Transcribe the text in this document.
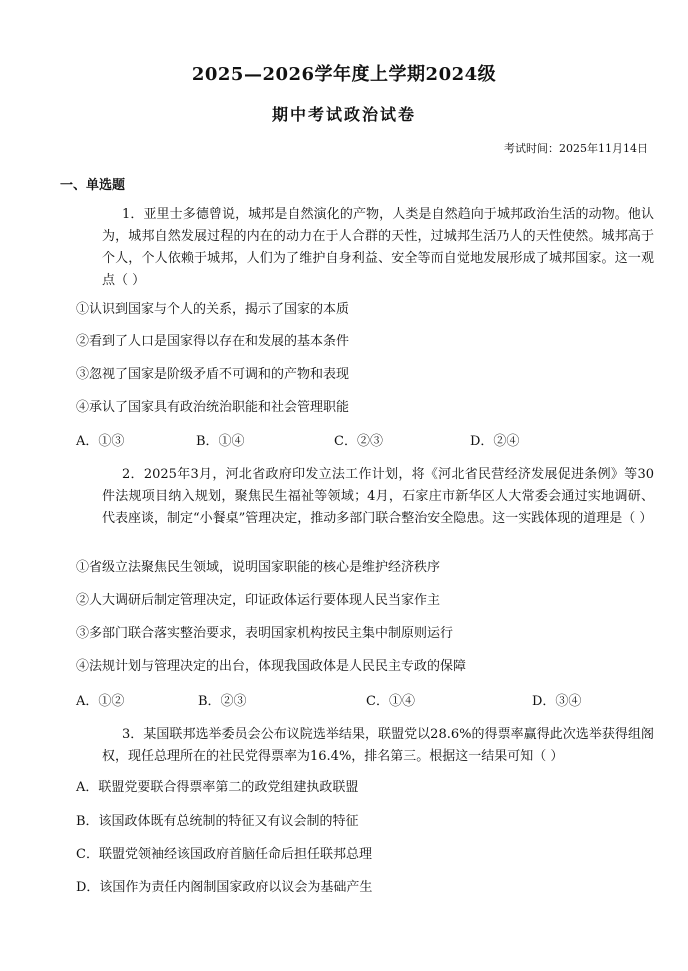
2025—2026学年度上学期2024级
期中考试政治试卷
考试时间：2025年11月14日
一、单选题
1．亚里士多德曾说，城邦是自然演化的产物，人类是自然趋向于城邦政治生活的动物。他认为，城邦自然发展过程的内在的动力在于人合群的天性，过城邦生活乃人的天性使然。城邦高于个人，个人依赖于城邦，人们为了维护自身利益、安全等而自觉地发展形成了城邦国家。这一观点（ ）
①认识到国家与个人的关系，揭示了国家的本质
②看到了人口是国家得以存在和发展的基本条件
③忽视了国家是阶级矛盾不可调和的产物和表现
④承认了国家具有政治统治职能和社会管理职能
A．①③	B．①④	C．②③	D．②④
2．2025年3月，河北省政府印发立法工作计划，将《河北省民营经济发展促进条例》等30件法规项目纳入规划，聚焦民生福祉等领域；4月，石家庄市新华区人大常委会通过实地调研、代表座谈，制定“小餐桌”管理决定，推动多部门联合整治安全隐患。这一实践体现的道理是（ ）
①省级立法聚焦民生领域，说明国家职能的核心是维护经济秩序
②人大调研后制定管理决定，印证政体运行要体现人民当家作主
③多部门联合落实整治要求，表明国家机构按民主集中制原则运行
④法规计划与管理决定的出台，体现我国政体是人民民主专政的保障
A．①②	B．②③	C．①④	D．③④
3．某国联邦选举委员会公布议院选举结果，联盟党以28.6%的得票率赢得此次选举获得组阁权，现任总理所在的社民党得票率为16.4%，排名第三。根据这一结果可知（ ）
A．联盟党要联合得票率第二的政党组建执政联盟
B．该国政体既有总统制的特征又有议会制的特征
C．联盟党领袖经该国政府首脑任命后担任联邦总理
D．该国作为责任内阁制国家政府以议会为基础产生
